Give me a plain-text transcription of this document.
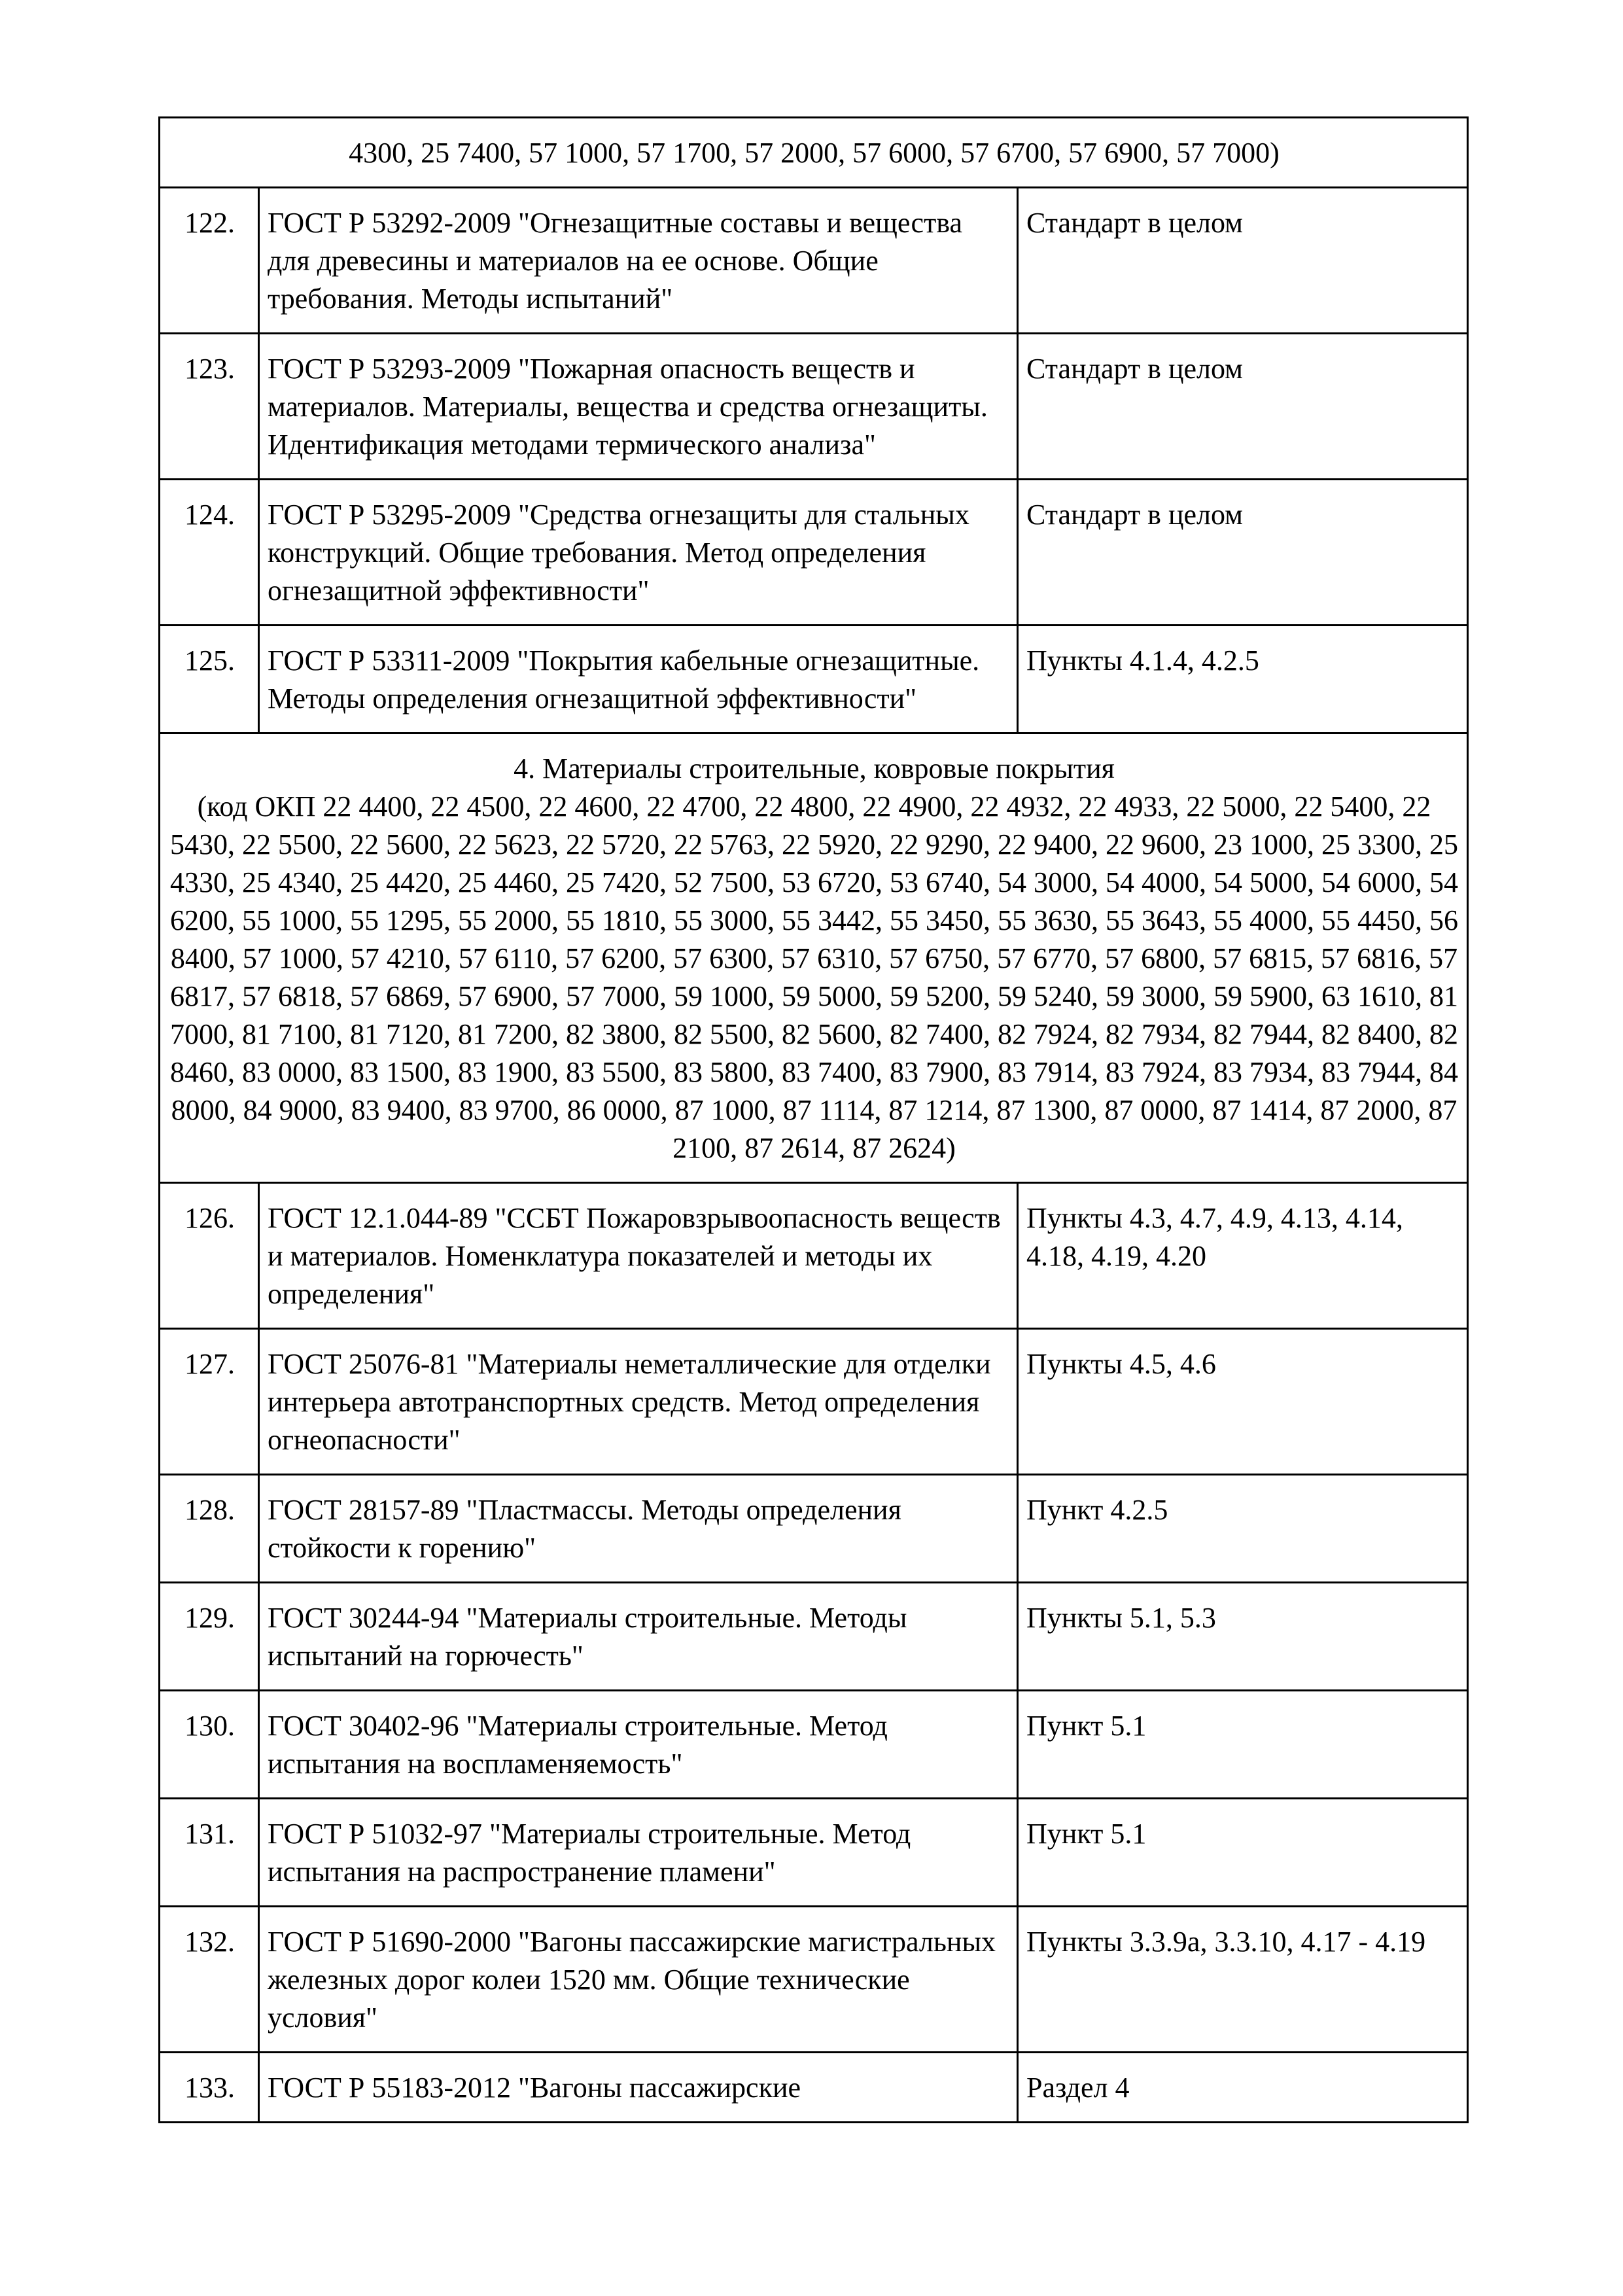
4300, 25 7400, 57 1000, 57 1700, 57 2000, 57 6000, 57 6700, 57 6900, 57 7000)		
122.	ГОСТ Р 53292-2009 "Огнезащитные составы и вещества для древесины и материалов на ее основе. Общие требования. Методы испытаний"	Стандарт в целом
123.	ГОСТ Р 53293-2009 "Пожарная опасность веществ и материалов. Материалы, вещества и средства огнезащиты. Идентификация методами термического анализа"	Стандарт в целом
124.	ГОСТ Р 53295-2009 "Средства огнезащиты для стальных конструкций. Общие требования. Метод определения огнезащитной эффективности"	Стандарт в целом
125.	ГОСТ Р 53311-2009 "Покрытия кабельные огнезащитные. Методы определения огнезащитной эффективности"	Пункты 4.1.4, 4.2.5

4. Материалы строительные, ковровые покрытия
(код ОКП 22 4400, 22 4500, 22 4600, 22 4700, 22 4800, 22 4900, 22 4932, 22 4933, 22 5000, 22 5400, 22 5430, 22 5500, 22 5600, 22 5623, 22 5720, 22 5763, 22 5920, 22 9290, 22 9400, 22 9600, 23 1000, 25 3300, 25 4330, 25 4340, 25 4420, 25 4460, 25 7420, 52 7500, 53 6720, 53 6740, 54 3000, 54 4000, 54 5000, 54 6000, 54 6200, 55 1000, 55 1295, 55 2000, 55 1810, 55 3000, 55 3442, 55 3450, 55 3630, 55 3643, 55 4000, 55 4450, 56 8400, 57 1000, 57 4210, 57 6110, 57 6200, 57 6300, 57 6310, 57 6750, 57 6770, 57 6800, 57 6815, 57 6816, 57 6817, 57 6818, 57 6869, 57 6900, 57 7000, 59 1000, 59 5000, 59 5200, 59 5240, 59 3000, 59 5900, 63 1610, 81 7000, 81 7100, 81 7120, 81 7200, 82 3800, 82 5500, 82 5600, 82 7400, 82 7924, 82 7934, 82 7944, 82 8400, 82 8460, 83 0000, 83 1500, 83 1900, 83 5500, 83 5800, 83 7400, 83 7900, 83 7914, 83 7924, 83 7934, 83 7944, 84 8000, 84 9000, 83 9400, 83 9700, 86 0000, 87 1000, 87 1114, 87 1214, 87 1300, 87 0000, 87 1414, 87 2000, 87 2100, 87 2614, 87 2624)		

126.	ГОСТ 12.1.044-89 "ССБТ Пожаровзрывоопасность веществ и материалов. Номенклатура показателей и методы их определения"	Пункты 4.3, 4.7, 4.9, 4.13, 4.14, 4.18, 4.19, 4.20
127.	ГОСТ 25076-81 "Материалы неметаллические для отделки интерьера автотранспортных средств. Метод определения огнеопасности"	Пункты 4.5, 4.6
128.	ГОСТ 28157-89 "Пластмассы. Методы определения стойкости к горению"	Пункт 4.2.5
129.	ГОСТ 30244-94 "Материалы строительные. Методы испытаний на горючесть"	Пункты 5.1, 5.3
130.	ГОСТ 30402-96 "Материалы строительные. Метод испытания на воспламеняемость"	Пункт 5.1
131.	ГОСТ Р 51032-97 "Материалы строительные. Метод испытания на распространение пламени"	Пункт 5.1
132.	ГОСТ Р 51690-2000 "Вагоны пассажирские магистральных железных дорог колеи 1520 мм. Общие технические условия"	Пункты 3.3.9а, 3.3.10, 4.17 - 4.19
133.	ГОСТ Р 55183-2012 "Вагоны пассажирские	Раздел 4
